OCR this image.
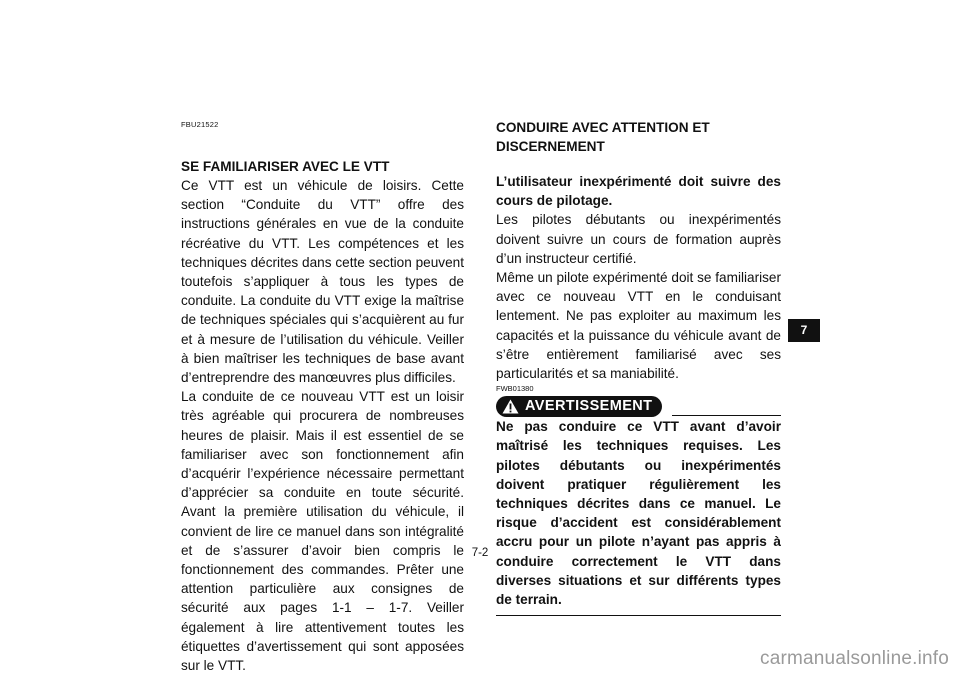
FBU21522
SE FAMILIARISER AVEC LE VTT

Ce VTT est un véhicule de loisirs. Cette section “Conduite du VTT” offre des instructions générales en vue de la conduite récréative du VTT. Les compétences et les techniques décrites dans cette section peuvent toutefois s’appliquer à tous les types de conduite. La conduite du VTT exige la maîtrise de techniques spéciales qui s’acquièrent au fur et à mesure de l’utilisation du véhicule. Veiller à bien maîtriser les techniques de base avant d’entreprendre des manœuvres plus difficiles.

La conduite de ce nouveau VTT est un loisir très agréable qui procurera de nombreuses heures de plaisir. Mais il est essentiel de se familiariser avec son fonctionnement afin d’acquérir l’expérience nécessaire permettant d’apprécier sa conduite en toute sécurité. Avant la première utilisation du véhicule, il convient de lire ce manuel dans son intégralité et de s’assurer d’avoir bien compris le fonctionnement des commandes. Prêter une attention particulière aux consignes de sécurité aux pages 1-1 – 1-7. Veiller également à lire attentivement toutes les étiquettes d’avertissement qui sont apposées sur le VTT.

CONDUIRE AVEC ATTENTION ET DISCERNEMENT

L’utilisateur inexpérimenté doit suivre des cours de pilotage.

Les pilotes débutants ou inexpérimentés doivent suivre un cours de formation auprès d’un instructeur certifié.

Même un pilote expérimenté doit se familiariser avec ce nouveau VTT en le conduisant lentement. Ne pas exploiter au maximum les capacités et la puissance du véhicule avant de s’être entièrement familiarisé avec ses particularités et sa maniabilité.

FWB01380
AVERTISSEMENT

Ne pas conduire ce VTT avant d’avoir maîtrisé les techniques requises. Les pilotes débutants ou inexpérimentés doivent pratiquer régulièrement les techniques décrites dans ce manuel. Le risque d’accident est considérablement accru pour un pilote n’ayant pas appris à conduire correctement le VTT dans diverses situations et sur différents types de terrain.

7
7-2
carmanualsonline.info
